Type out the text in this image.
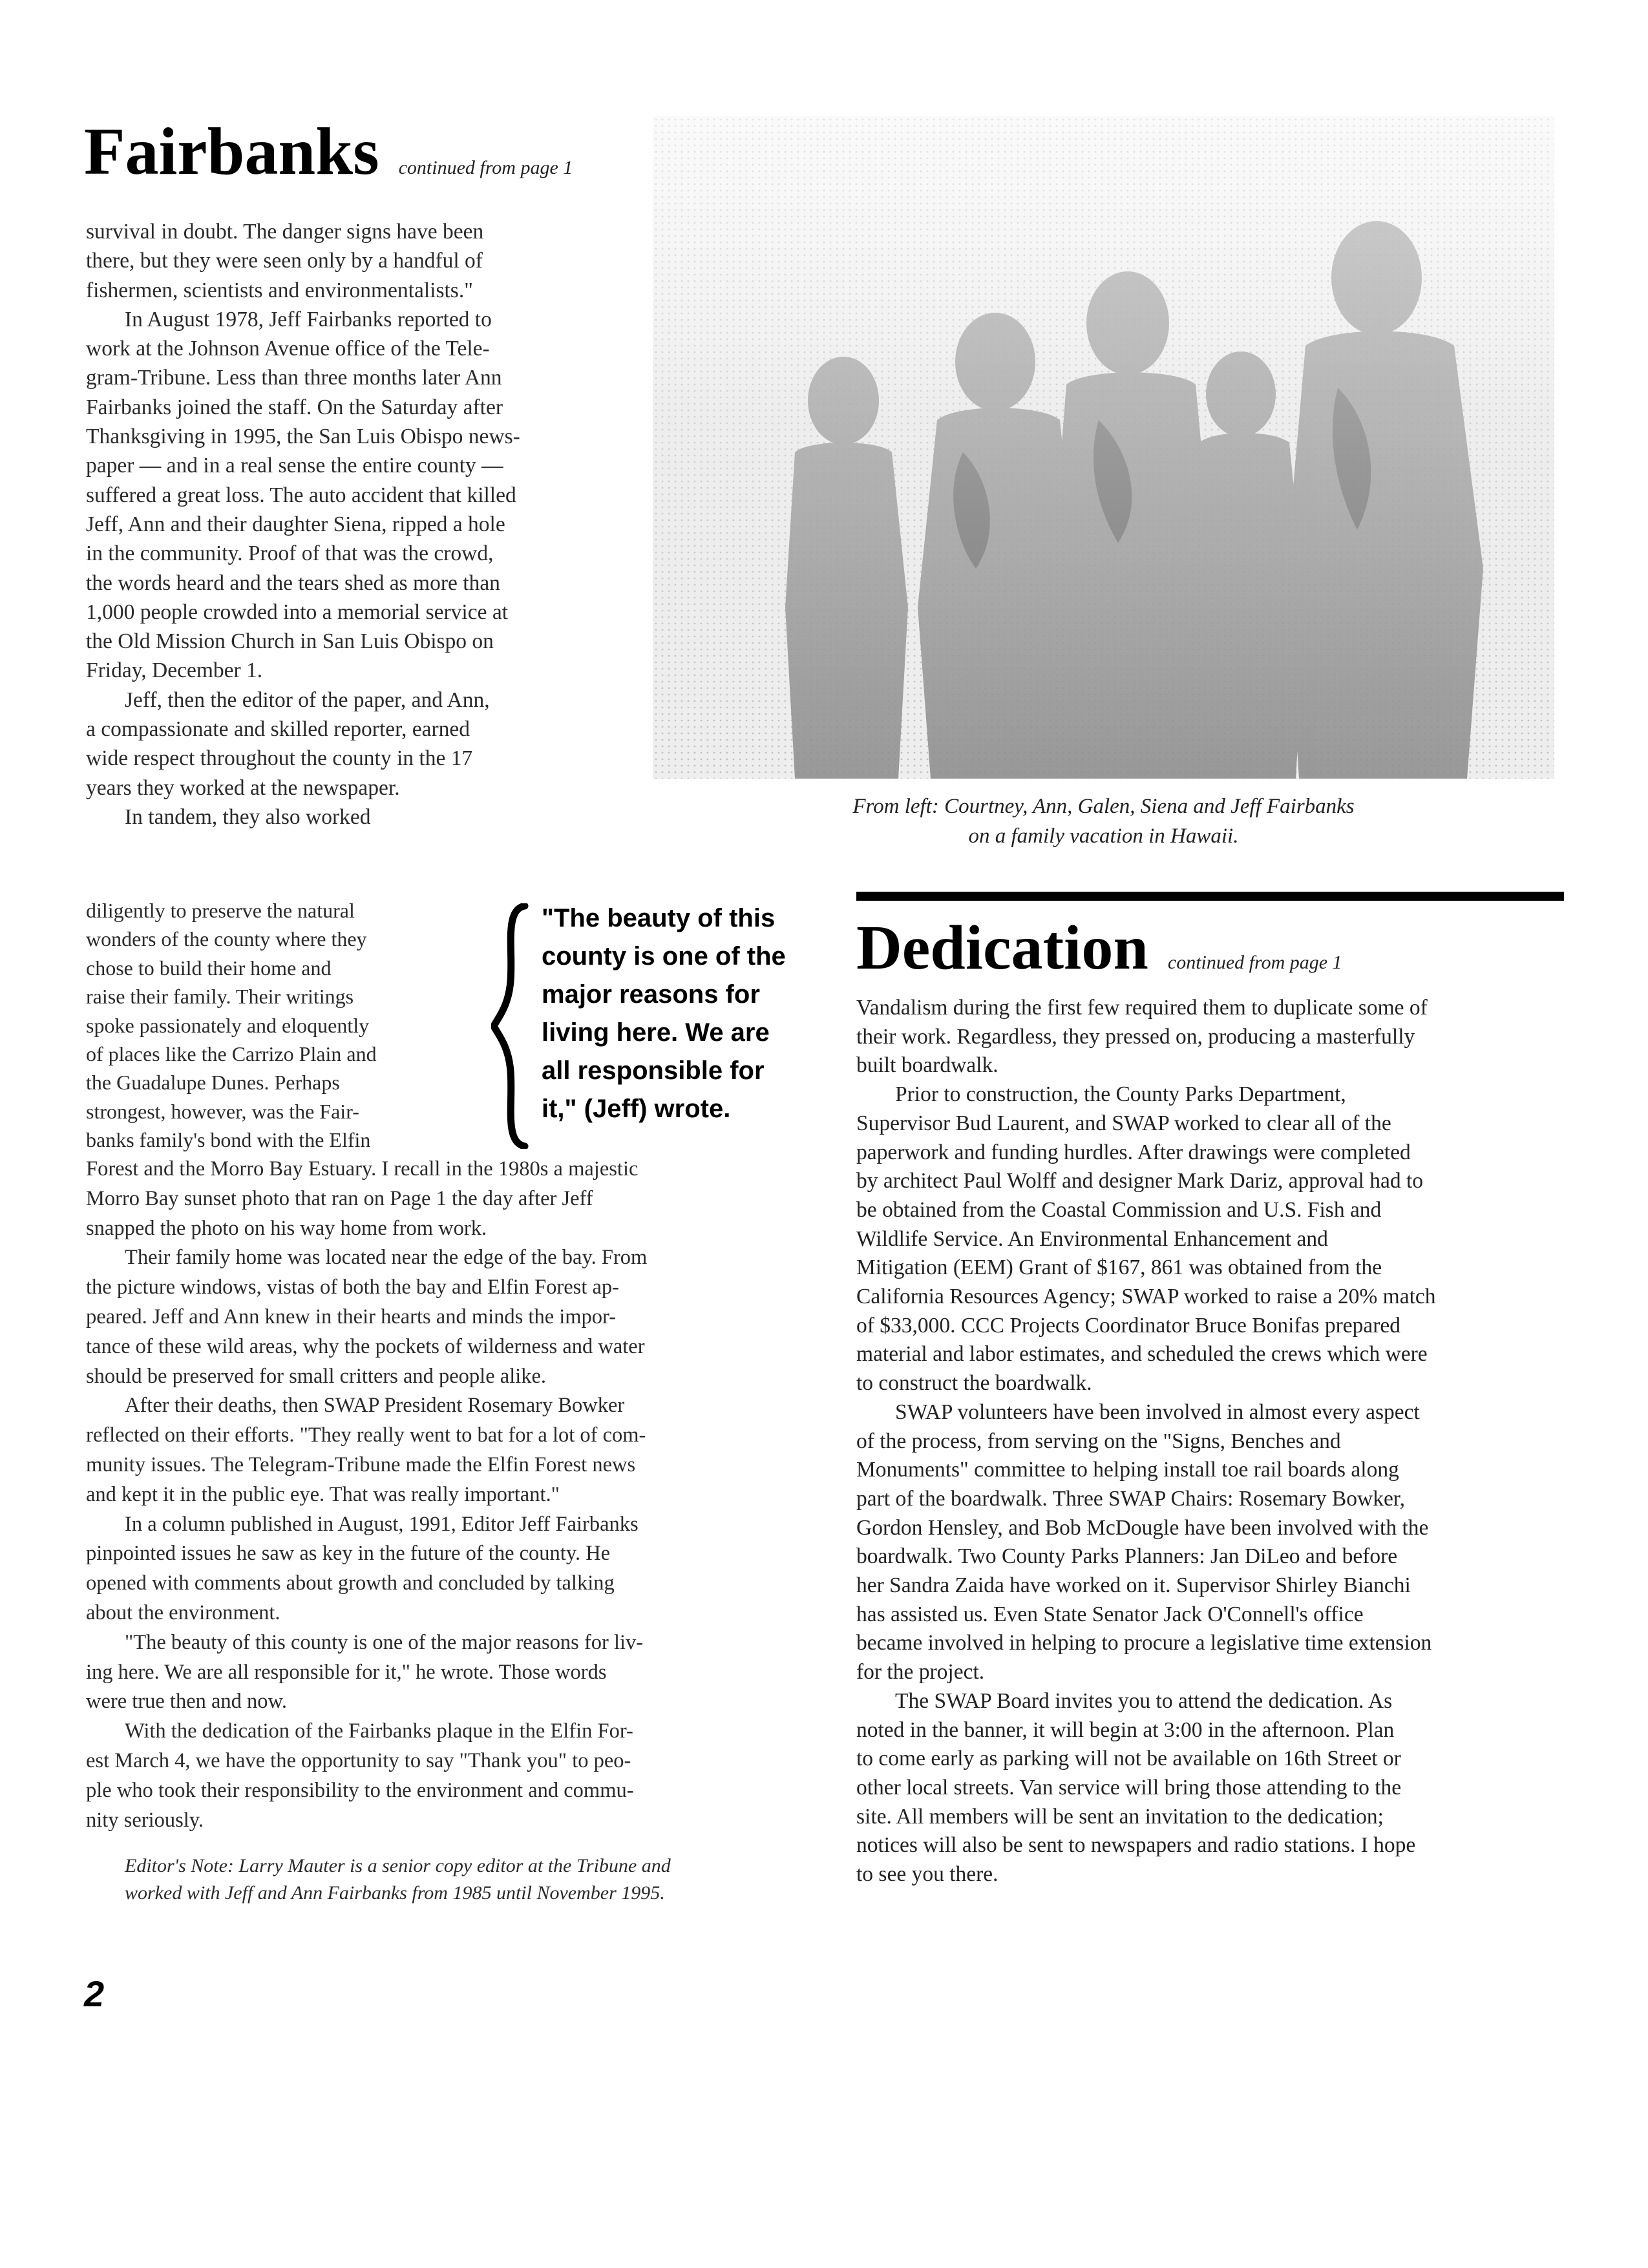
Fairbanks continued from page 1

survival in doubt. The danger signs have been

there, but they were seen only by a handful of

fishermen, scientists and environmentalists."

In August 1978, Jeff Fairbanks reported to

work at the Johnson Avenue office of the Tele-

gram-Tribune. Less than three months later Ann

Fairbanks joined the staff. On the Saturday after

Thanksgiving in 1995, the San Luis Obispo news-

paper — and in a real sense the entire county —

suffered a great loss. The auto accident that killed

Jeff, Ann and their daughter Siena, ripped a hole

in the community. Proof of that was the crowd,

the words heard and the tears shed as more than

1,000 people crowded into a memorial service at

the Old Mission Church in San Luis Obispo on

Friday, December 1.

Jeff, then the editor of the paper, and Ann,

a compassionate and skilled reporter, earned

wide respect throughout the county in the 17

years they worked at the newspaper.

In tandem, they also worked

diligently to preserve the natural

wonders of the county where they

chose to build their home and

raise their family. Their writings

spoke passionately and eloquently

of places like the Carrizo Plain and

the Guadalupe Dunes. Perhaps

strongest, however, was the Fair-

banks family's bond with the Elfin

"The beauty of this
county is one of the
major reasons for
living here. We are
all responsible for
it," (Jeff) wrote.

Forest and the Morro Bay Estuary. I recall in the 1980s a majestic

Morro Bay sunset photo that ran on Page 1 the day after Jeff

snapped the photo on his way home from work.

Their family home was located near the edge of the bay. From

the picture windows, vistas of both the bay and Elfin Forest ap-

peared. Jeff and Ann knew in their hearts and minds the impor-

tance of these wild areas, why the pockets of wilderness and water

should be preserved for small critters and people alike.

After their deaths, then SWAP President Rosemary Bowker

reflected on their efforts. "They really went to bat for a lot of com-

munity issues. The Telegram-Tribune made the Elfin Forest news

and kept it in the public eye. That was really important."

In a column published in August, 1991, Editor Jeff Fairbanks

pinpointed issues he saw as key in the future of the county. He

opened with comments about growth and concluded by talking

about the environment.

"The beauty of this county is one of the major reasons for liv-

ing here. We are all responsible for it," he wrote. Those words

were true then and now.

With the dedication of the Fairbanks plaque in the Elfin For-

est March 4, we have the opportunity to say "Thank you" to peo-

ple who took their responsibility to the environment and commu-

nity seriously.

Editor's Note: Larry Mauter is a senior copy editor at the Tribune and
worked with Jeff and Ann Fairbanks from 1985 until November 1995.
2
From left: Courtney, Ann, Galen, Siena and Jeff Fairbanks
on a family vacation in Hawaii.
Dedication continued from page 1

Vandalism during the first few required them to duplicate some of

their work. Regardless, they pressed on, producing a masterfully

built boardwalk.

Prior to construction, the County Parks Department,

Supervisor Bud Laurent, and SWAP worked to clear all of the

paperwork and funding hurdles. After drawings were completed

by architect Paul Wolff and designer Mark Dariz, approval had to

be obtained from the Coastal Commission and U.S. Fish and

Wildlife Service. An Environmental Enhancement and

Mitigation (EEM) Grant of $167, 861 was obtained from the

California Resources Agency; SWAP worked to raise a 20% match

of $33,000. CCC Projects Coordinator Bruce Bonifas prepared

material and labor estimates, and scheduled the crews which were

to construct the boardwalk.

SWAP volunteers have been involved in almost every aspect

of the process, from serving on the "Signs, Benches and

Monuments" committee to helping install toe rail boards along

part of the boardwalk. Three SWAP Chairs: Rosemary Bowker,

Gordon Hensley, and Bob McDougle have been involved with the

boardwalk. Two County Parks Planners: Jan DiLeo and before

her Sandra Zaida have worked on it. Supervisor Shirley Bianchi

has assisted us. Even State Senator Jack O'Connell's office

became involved in helping to procure a legislative time extension

for the project.

The SWAP Board invites you to attend the dedication. As

noted in the banner, it will begin at 3:00 in the afternoon. Plan

to come early as parking will not be available on 16th Street or

other local streets. Van service will bring those attending to the

site. All members will be sent an invitation to the dedication;

notices will also be sent to newspapers and radio stations. I hope

to see you there.
